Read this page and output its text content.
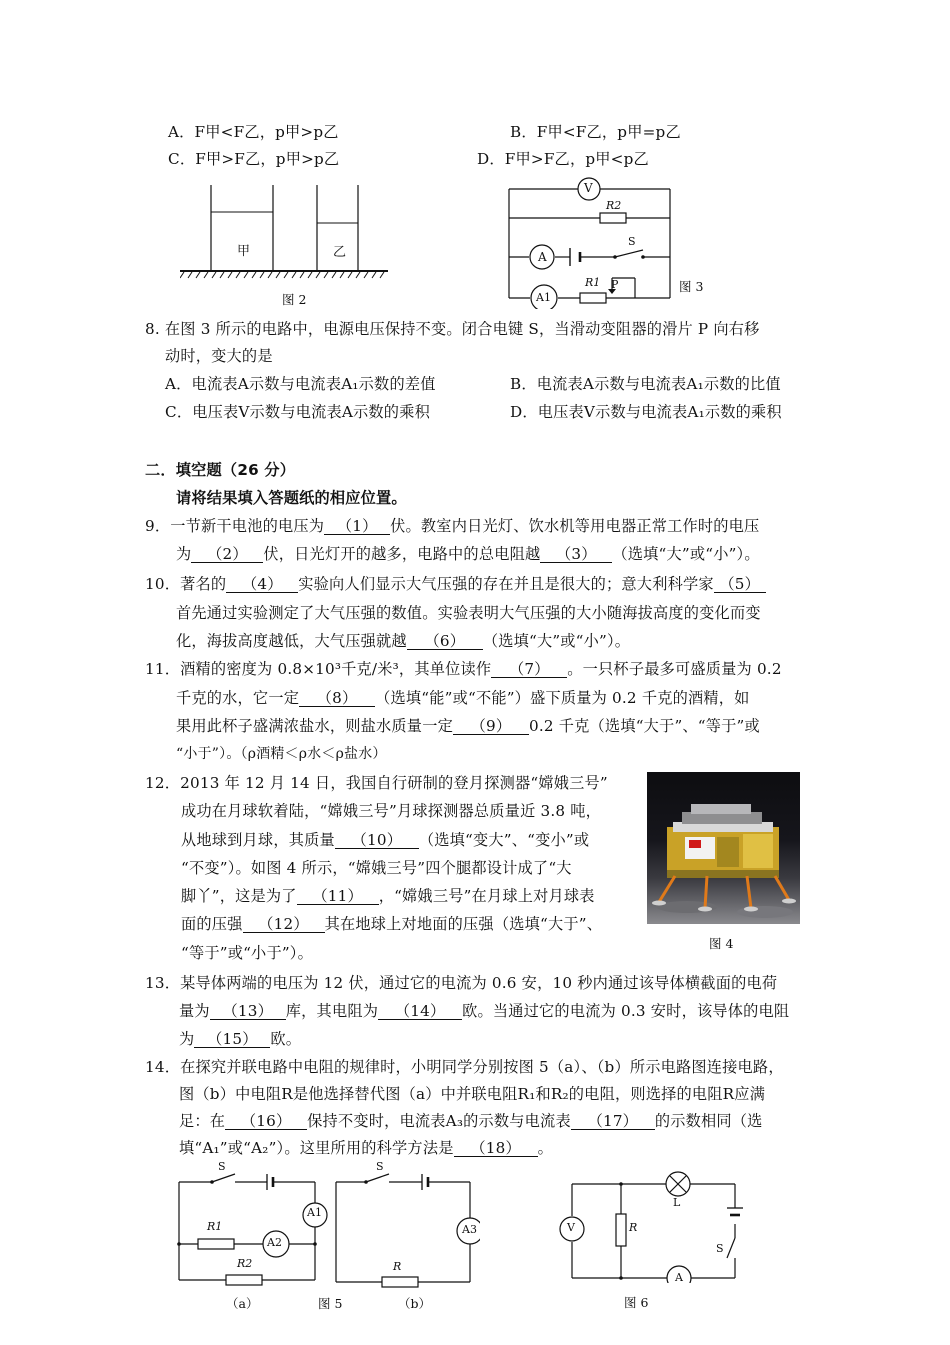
A．F甲<F乙，p甲>p乙	B．F甲<F乙，p甲=p乙
C．F甲>F乙，p甲>p乙	D．F甲>F乙，p甲<p乙
甲	乙
图 2
V
R2
A
S
R1 P
A1
图 3
8. 在图 3 所示的电路中，电源电压保持不变。闭合电键 S，当滑动变阻器的滑片 P 向右移
动时，变大的是
A．电流表A示数与电流表A₁示数的差值	B．电流表A示数与电流表A₁示数的比值
C．电压表V示数与电流表A示数的乘积	D．电压表V示数与电流表A₁示数的乘积
二．填空题（26 分）
请将结果填入答题纸的相应位置。
9．一节新干电池的电压为 （1） 伏。教室内日光灯、饮水机等用电器正常工作时的电压
为 （2） 伏，日光灯开的越多，电路中的总电阻越 （3） （选填“大”或“小”）。
10．著名的 （4） 实验向人们显示大气压强的存在并且是很大的；意大利科学家 （5）
首先通过实验测定了大气压强的数值。实验表明大气压强的大小随海拔高度的变化而变
化，海拔高度越低，大气压强就越 （6） （选填“大”或“小”）。
11．酒精的密度为 0.8×10³千克/米³，其单位读作 （7） 。一只杯子最多可盛质量为 0.2
千克的水，它一定 （8） （选填“能”或“不能”）盛下质量为 0.2 千克的酒精，如
果用此杯子盛满浓盐水，则盐水质量一定 （9） 0.2 千克（选填“大于”、“等于”或
“小于”）。（ρ酒精＜ρ水＜ρ盐水）
12．2013 年 12 月 14 日，我国自行研制的登月探测器“嫦娥三号”
成功在月球软着陆，“嫦娥三号”月球探测器总质量近 3.8 吨，
从地球到月球，其质量 （10） （选填“变大”、“变小”或
“不变”）。如图 4 所示，“嫦娥三号”四个腿都设计成了“大
脚丫”，这是为了 （11） ，“嫦娥三号”在月球上对月球表
面的压强 （12） 其在地球上对地面的压强（选填“大于”、
“等于”或“小于”）。
图 4
13．某导体两端的电压为 12 伏，通过它的电流为 0.6 安，10 秒内通过该导体横截面的电荷
量为 （13） 库，其电阻为 （14） 欧。当通过它的电流为 0.3 安时，该导体的电阻
为 （15） 欧。
14．在探究并联电路中电阻的规律时，小明同学分别按图 5（a）、（b）所示电路图连接电路，
图（b）中电阻R是他选择替代图（a）中并联电阻R₁和R₂的电阻，则选择的电阻R应满
足：在 （16） 保持不变时，电流表A₃的示数与电流表 （17） 的示数相同（选
填“A₁”或“A₂”）。这里所用的科学方法是 （18） 。
S	S
R1
R2	R
A1
A2
A3
（a）	图 5	（b）
V	R
L
S
A
图 6
